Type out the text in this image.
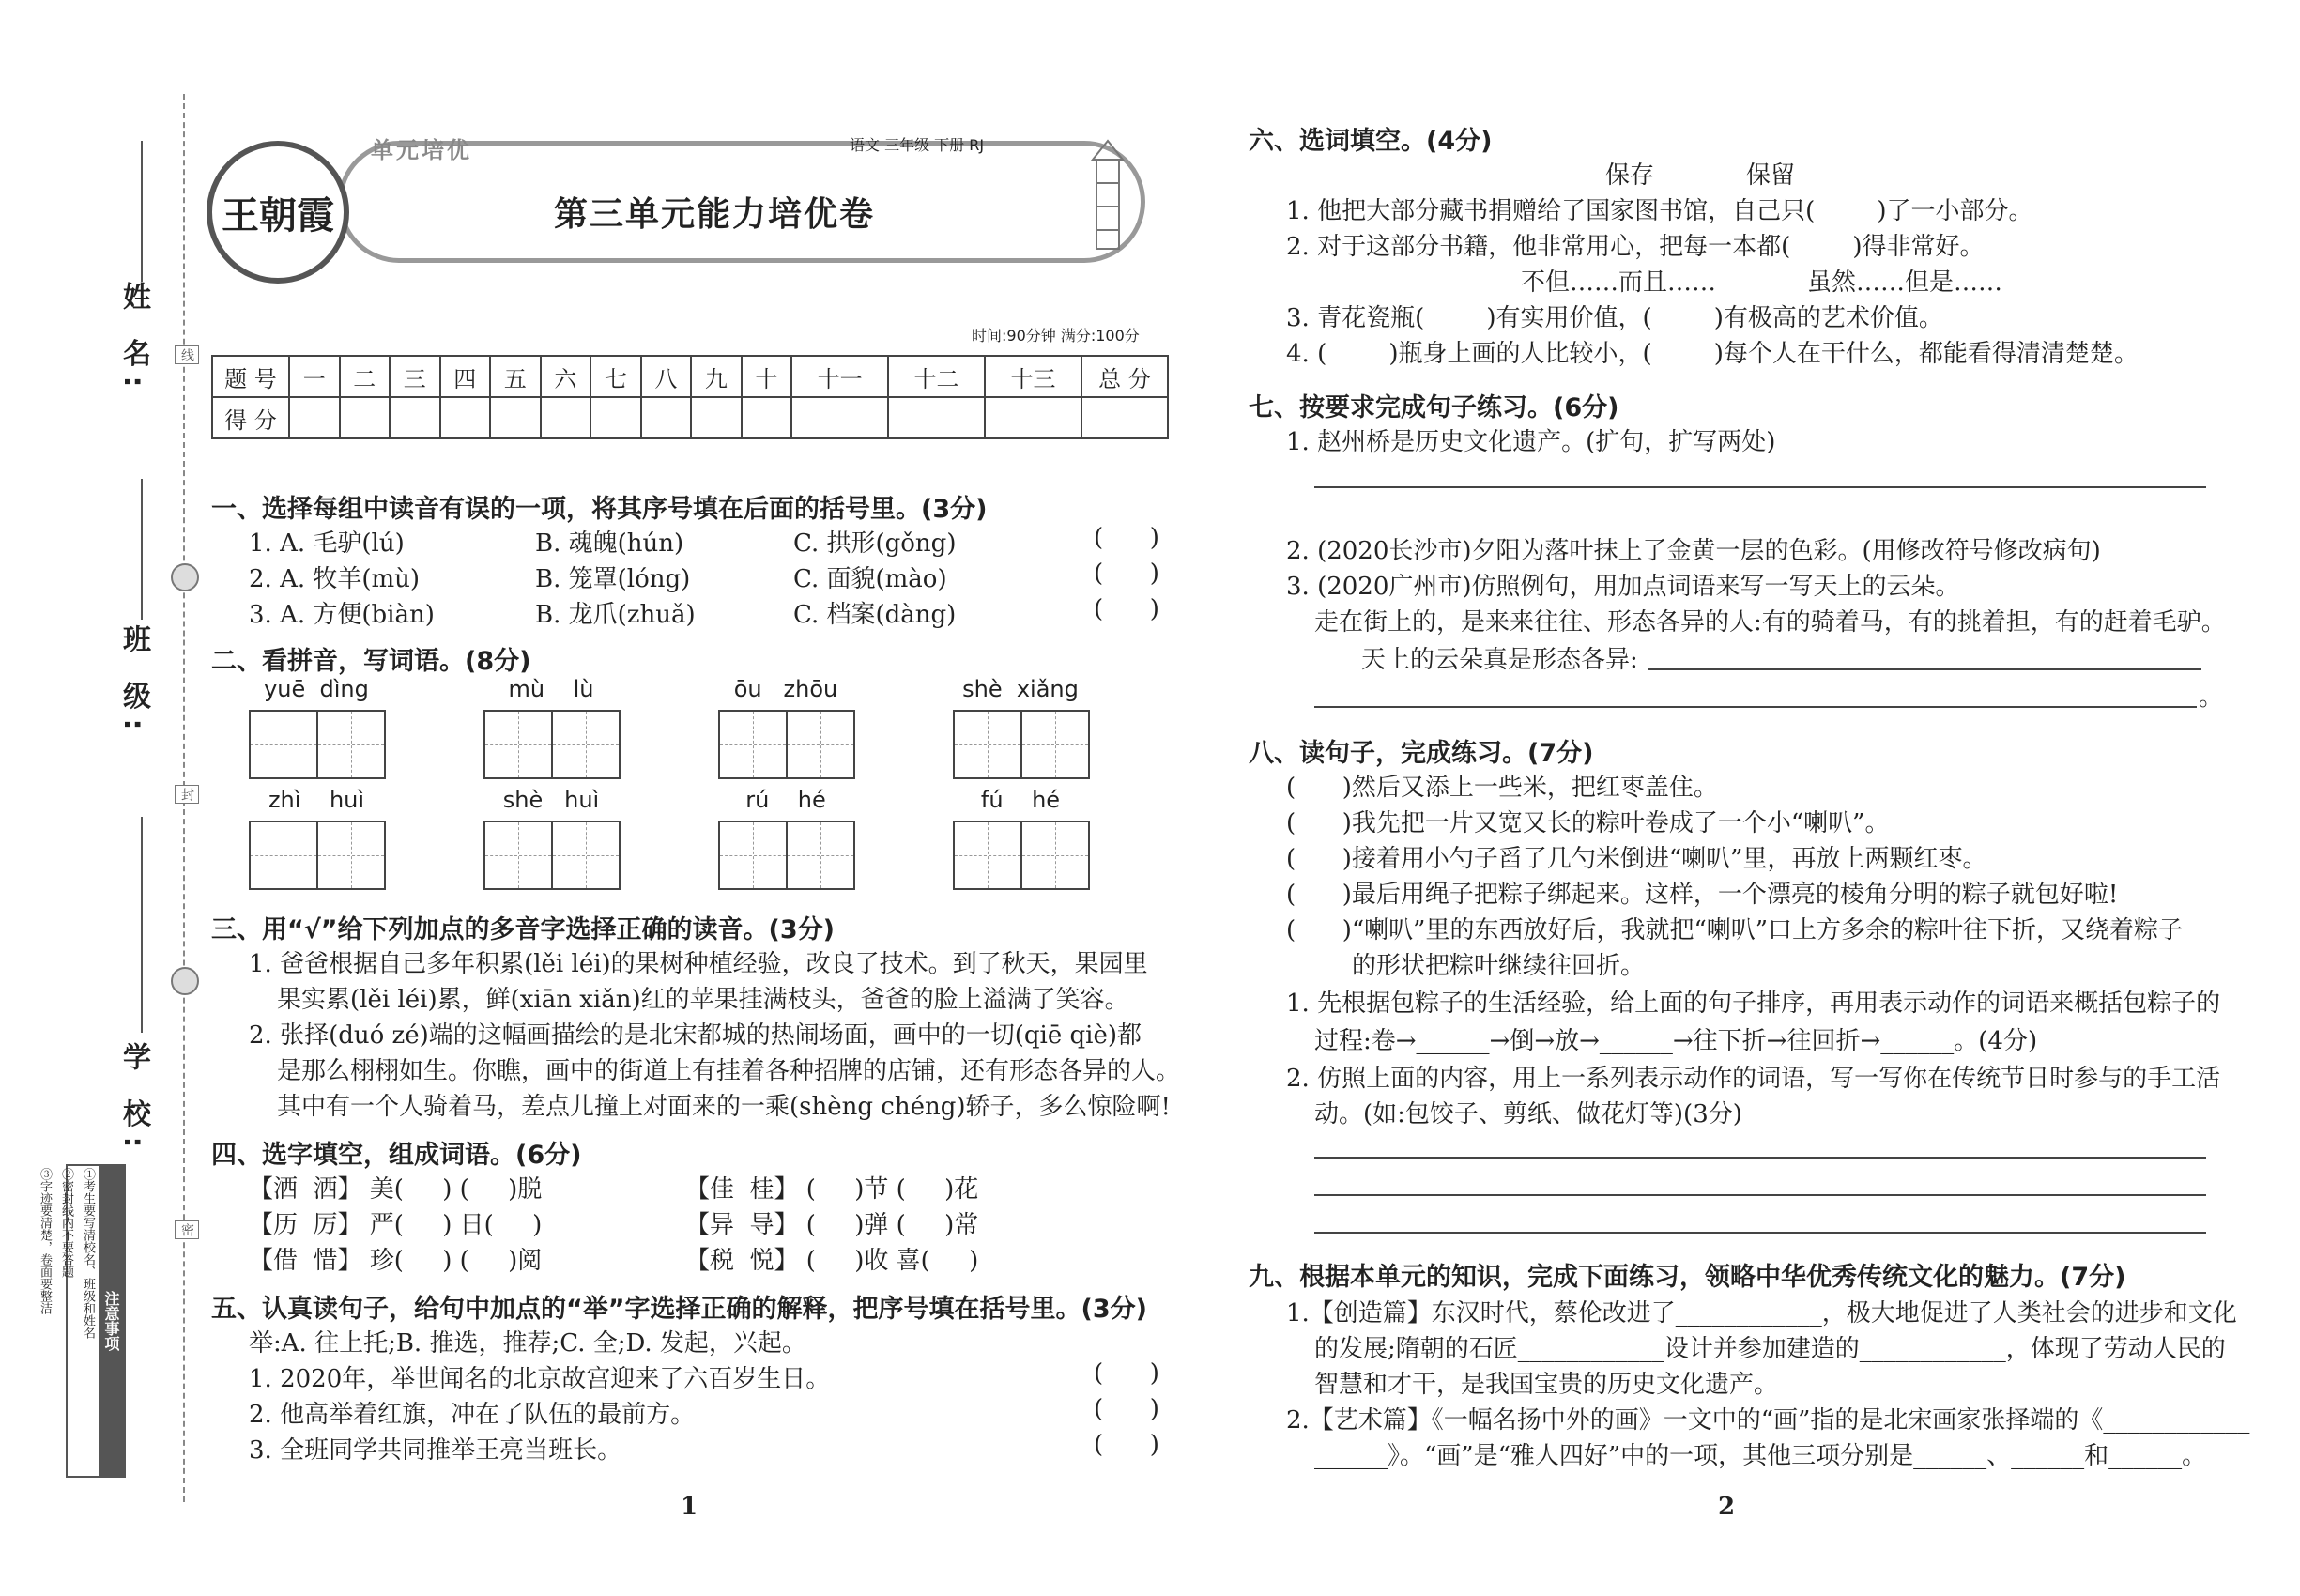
姓 名:
班 级:
学 校:
线
封
密
注意事项
①考生要写清校名、班级和姓名
②密封线内不要答题
③字迹要清楚，卷面要整洁
王朝霞
单元培优	语文 三年级 下册 RJ
第三单元能力培优卷
时间:90分钟 满分:100分
题 号	一	二	三	四	五	六	七	八	九	十	十一	十二	十三	总 分
得 分														
一、选择每组中读音有误的一项，将其序号填在后面的括号里。(3分)
1. A. 毛驴(lú)	B. 魂魄(hún)	C. 拱形(gǒng)	(      )
2. A. 牧羊(mù)	B. 笼罩(lóng)	C. 面貌(mào)	(      )
3. A. 方便(biàn)	B. 龙爪(zhuǎ)	C. 档案(dàng)	(      )
二、看拼音，写词语。(8分)
yuē  dìng	mù    lù	ōu   zhōu	shè  xiǎng
zhì    huì	shè   huì	rú    hé	fú    hé
三、用“√”给下列加点的多音字选择正确的读音。(3分)
1. 爸爸根据自己多年积累(lěi léi)的果树种植经验，改良了技术。到了秋天，果园里
果实累(lěi léi)累，鲜(xiān xiǎn)红的苹果挂满枝头，爸爸的脸上溢满了笑容。
2. 张择(duó zé)端的这幅画描绘的是北宋都城的热闹场面，画中的一切(qiē qiè)都
是那么栩栩如生。你瞧，画中的街道上有挂着各种招牌的店铺，还有形态各异的人。
其中有一个人骑着马，差点儿撞上对面来的一乘(shèng chéng)轿子，多么惊险啊!
四、选字填空，组成词语。(6分)
【洒  洒】 美(     ) (     )脱	【佳  桂】 (     )节 (     )花
【历  厉】 严(     ) 日(     )	【异  导】 (     )弹 (     )常
【借  惜】 珍(     ) (     )阅	【税  悦】 (     )收 喜(     )
五、认真读句子，给句中加点的“举”字选择正确的解释，把序号填在括号里。(3分)
举:A. 往上托;B. 推选，推荐;C. 全;D. 发起，兴起。
1. 2020年，举世闻名的北京故宫迎来了六百岁生日。	(      )
2. 他高举着红旗，冲在了队伍的最前方。	(      )
3. 全班同学共同推举王亮当班长。	(      )
1
六、选词填空。(4分)
保存	保留
1. 他把大部分藏书捐赠给了国家图书馆，自己只(        )了一小部分。
2. 对于这部分书籍，他非常用心，把每一本都(        )得非常好。
不但……而且……	虽然……但是……
3. 青花瓷瓶(        )有实用价值，(        )有极高的艺术价值。
4. (        )瓶身上画的人比较小，(        )每个人在干什么，都能看得清清楚楚。
七、按要求完成句子练习。(6分)
1. 赵州桥是历史文化遗产。(扩句，扩写两处)
2. (2020长沙市)夕阳为落叶抹上了金黄一层的色彩。(用修改符号修改病句)
3. (2020广州市)仿照例句，用加点词语来写一写天上的云朵。
走在街上的，是来来往往、形态各异的人:有的骑着马，有的挑着担，有的赶着毛驴。
天上的云朵真是形态各异:
。
八、读句子，完成练习。(7分)
(      )然后又添上一些米，把红枣盖住。
(      )我先把一片又宽又长的粽叶卷成了一个小“喇叭”。
(      )接着用小勺子舀了几勺米倒进“喇叭”里，再放上两颗红枣。
(      )最后用绳子把粽子绑起来。这样，一个漂亮的棱角分明的粽子就包好啦!
(      )“喇叭”里的东西放好后，我就把“喇叭”口上方多余的粽叶往下折，又绕着粽子
的形状把粽叶继续往回折。
1. 先根据包粽子的生活经验，给上面的句子排序，再用表示动作的词语来概括包粽子的
过程:卷→______→倒→放→______→往下折→往回折→______。(4分)
2. 仿照上面的内容，用上一系列表示动作的词语，写一写你在传统节日时参与的手工活
动。(如:包饺子、剪纸、做花灯等)(3分)
九、根据本单元的知识，完成下面练习，领略中华优秀传统文化的魅力。(7分)
1.【创造篇】东汉时代，蔡伦改进了____________，极大地促进了人类社会的进步和文化
的发展;隋朝的石匠____________设计并参加建造的____________，体现了劳动人民的
智慧和才干，是我国宝贵的历史文化遗产。
2.【艺术篇】《一幅名扬中外的画》一文中的“画”指的是北宋画家张择端的《____________
______》。“画”是“雅人四好”中的一项，其他三项分别是______、______和______。
2
